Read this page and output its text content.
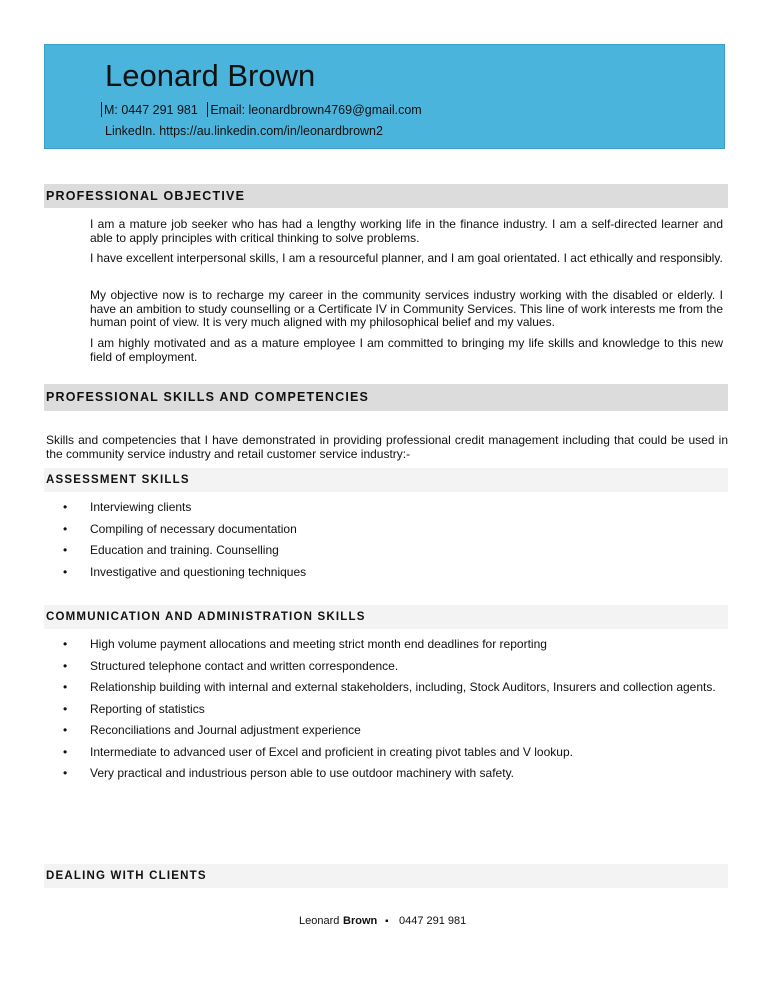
Leonard Brown
M: 0447 291 981 Email: leonardbrown4769@gmail.com
LinkedIn. https://au.linkedin.com/in/leonardbrown2
PROFESSIONAL OBJECTIVE

I am a mature job seeker who has had a lengthy working life in the finance industry. I am a self-directed learner and able to apply principles with critical thinking to solve problems.

I have excellent interpersonal skills, I am a resourceful planner, and I am goal orientated. I act ethically and responsibly.

My objective now is to recharge my career in the community services industry working with the disabled or elderly. I have an ambition to study counselling or a Certificate IV in Community Services. This line of work interests me from the human point of view. It is very much aligned with my philosophical belief and my values.

I am highly motivated and as a mature employee I am committed to bringing my life skills and knowledge to this new field of employment.

PROFESSIONAL SKILLS AND COMPETENCIES

Skills and competencies that I have demonstrated in providing professional credit management including that could be used in the community service industry and retail customer service industry:-

ASSESSMENT SKILLS
• Interviewing clients
• Compiling of necessary documentation
• Education and training. Counselling
• Investigative and questioning techniques
COMMUNICATION AND ADMINISTRATION SKILLS
• High volume payment allocations and meeting strict month end deadlines for reporting
• Structured telephone contact and written correspondence.
• Relationship building with internal and external stakeholders, including, Stock Auditors, Insurers and collection agents.
• Reporting of statistics
• Reconciliations and Journal adjustment experience
• Intermediate to advanced user of Excel and proficient in creating pivot tables and V lookup.
• Very practical and industrious person able to use outdoor machinery with safety.
DEALING WITH CLIENTS
Leonard Brown ▪ 0447 291 981
